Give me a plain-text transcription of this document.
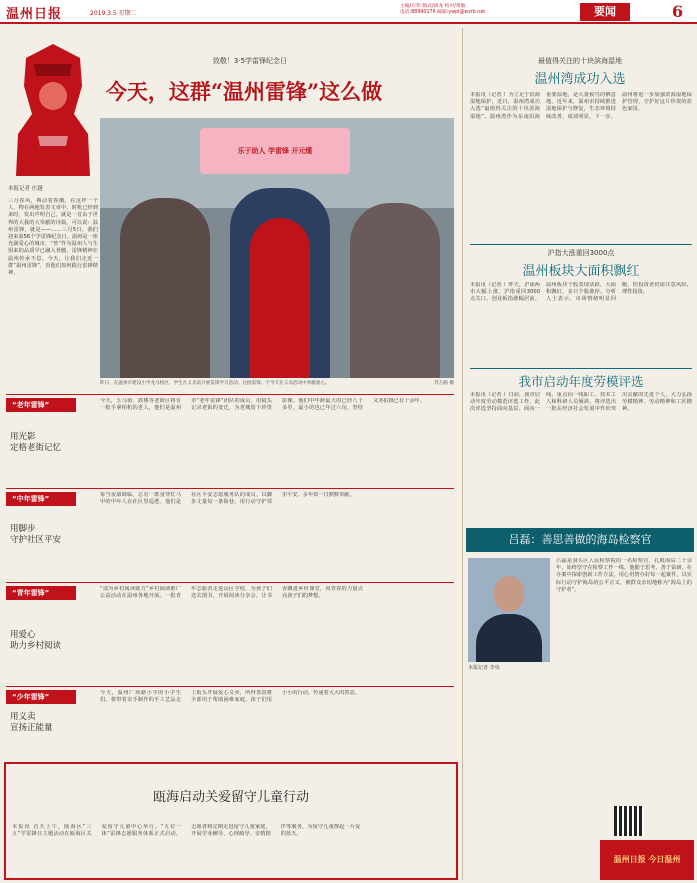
温州日报	2019.3.5 星期二
主编/应伟 版式/胡龙 校对/黄敏
电话:88990176 邮箱:ywpl@wzrb.net	要闻	6
致敬！3·5学雷锋纪念日
今天，这群“温州雷锋”这么做
本报记者 庄越
三月春风，搏动着春潮。在这样一个人、物在两地发表文章中，时机已经到来时，发出声明自己，就是一首由于世界的大我的大奉献的诗篇，可以说：温州雷锋，就是——……三月5日，我们迎来第56个学雷锋纪念日。温州是一座充满爱心的城市，“善”作为温州人与生俱来的品质早已融入骨髓，雷锋精神在温州传承不息。今天，让我们走近一群“温州雷锋”，看他们如何践行雷锋精神。
乐于助人 学雷锋 开元缆
昨日，在温州市建设小学龙马校区，学生在义卖前开展雷锋学习活动。这批雷锋，于今天在义卖活动中奉献爱心。	苏万路 摄
“老年雷锋”
用光影
定格老街记忆
今天，五马街、鼓楼等老街区将有一批手拿相机的老人，他们是温州市“老年雷锋”团队的成员，用镜头记录老街的变迁，为老城留下珍贵影像。他们中年龄最大的已经八十多岁，最小的也已年过六旬，坚持义务拍摄已有十余年。
“中年雷锋”
用脚步
守护社区平安
每当夜幕降临，总有一群身穿红马甲的中年人在社区里巡逻。他们是社区平安志愿服务队的成员，以脚步丈量每一条街巷，用行动守护邻里平安，多年如一日默默奉献。
“青年雷锋”
用爱心
助力乡村阅读
“请为乡村阅读助力”乡村阅读推广公益活动在温州各地开展。一批青年志愿者走进山区学校，为孩子们送去图书，开展阅读分享会，让书香飘进乡村课堂，用青春的力量点亮孩子们的梦想。
“少年雷锋”
用义卖
宣扬正能量
今天，温州广场路小学的小学生们，将带着亲手制作的手工艺品走上街头开展爱心义卖，所得善款将全部用于帮助困难家庭。孩子们用小小的行动，传递着大大的善意。
瓯海启动关爱留守儿童行动
本报讯 首天上午，瓯海区“三五”学雷锋日主题活动在瓯海区关爱留守儿童中心举行。“五位一体”雷锋志愿服务体系正式启动，志愿者将定期走进留守儿童家庭，开展学业辅导、心理疏导、亲情陪伴等服务，为留守儿童撑起一片爱的蓝天。
最值得关注的十块滨海湿地
温州湾成功入选
本报讯（记者 ）为立足于滨海湿地保护，近日，温州湾成功入选“最值得关注的十块滨海湿地”。温州湾作为东南沿海重要湿地，是大量候鸟的栖息地。近年来，温州市持续推进湿地保护与修复，生态环境持续改善，成效明显。下一步，温州将进一步加强滨海湿地保护管理，守护好这片珍贵的蓝色家园。
沪指大涨重回3000点
温州板块大面积飘红
本报讯（记者 ）昨天，沪深两市大幅上涨，沪指重回3000点关口，创业板指涨幅居前。温州板块个股表现活跃，大面积飘红，多只个股涨停。分析人士表示，市场情绪明显回暖，但投资者仍需注意风险，理性投资。
我市启动年度劳模评选
本报讯（记者 ）日前，我市启动年度劳动模范评选工作。此次评选坚持面向基层、面向一线，重点向一线职工、技术工人和科研人员倾斜，将评选出一批在经济社会发展中作出突出贡献的先进个人，大力弘扬劳模精神、劳动精神和工匠精神。
吕磊：善思善做的海岛检察官
本报记者 李央
吕磊是洞头区人民检察院的一名检察官，扎根海岛二十余年，始终坚守在检察工作一线。他勤于思考、善于钻研，在办案中探索创新工作方法，用心用情办好每一起案件，以实际行动守护海岛的公平正义，被群众亲切地称为“海岛上的守护者”。
温州日报 今日温州
